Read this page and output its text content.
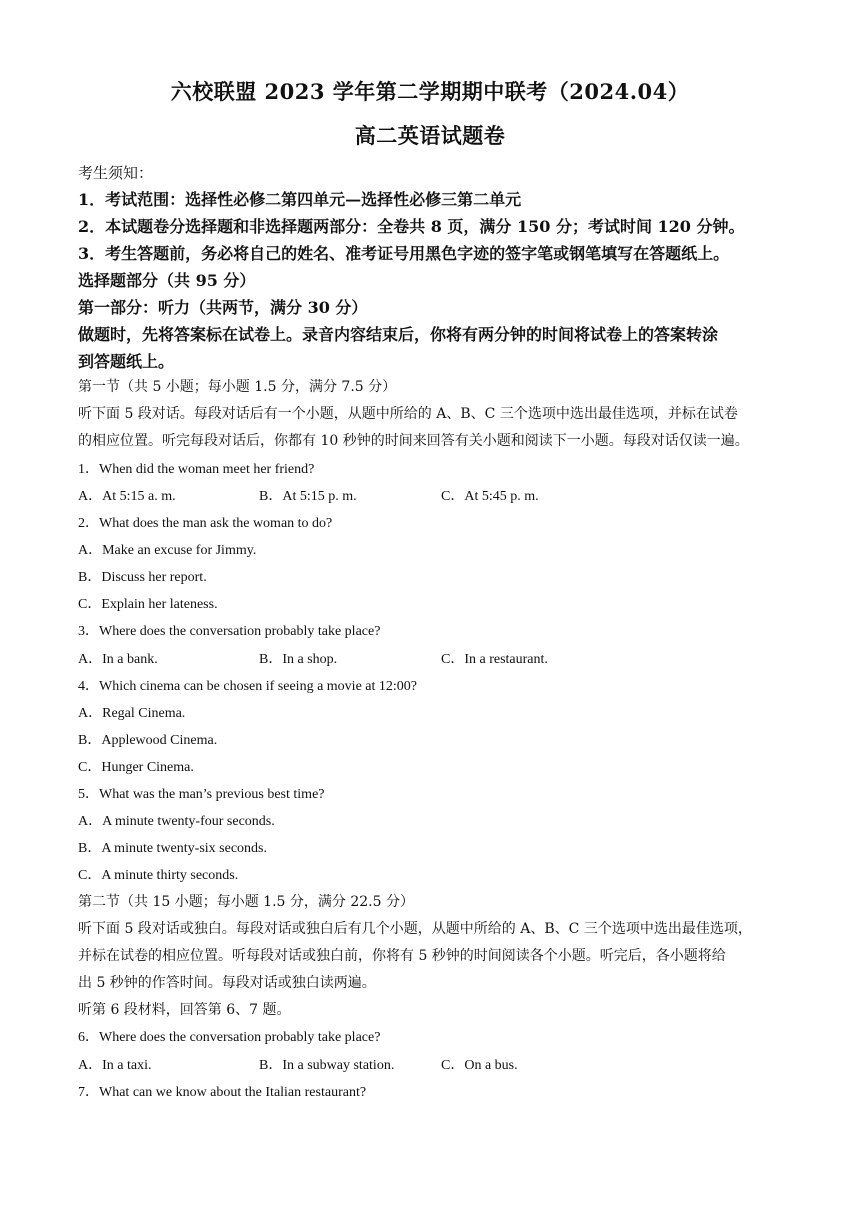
六校联盟 2023 学年第二学期期中联考（2024.04）
高二英语试题卷
考生须知：
1．考试范围：选择性必修二第四单元—选择性必修三第二单元
2．本试题卷分选择题和非选择题两部分：全卷共 8 页，满分 150 分；考试时间 120 分钟。
3．考生答题前，务必将自己的姓名、准考证号用黑色字迹的签字笔或钢笔填写在答题纸上。
选择题部分（共 95 分）
第一部分：听力（共两节，满分 30 分）
做题时，先将答案标在试卷上。录音内容结束后，你将有两分钟的时间将试卷上的答案转涂
到答题纸上。
第一节（共 5 小题；每小题 1.5 分，满分 7.5 分）
听下面 5 段对话。每段对话后有一个小题，从题中所给的 A、B、C 三个选项中选出最佳选项，并标在试卷
的相应位置。听完每段对话后，你都有 10 秒钟的时间来回答有关小题和阅读下一小题。每段对话仅读一遍。
1．When did the woman meet her friend?
A．At 5:15 a. m.	B．At 5:15 p. m.	C．At 5:45 p. m.
2．What does the man ask the woman to do?
A．Make an excuse for Jimmy.
B．Discuss her report.
C．Explain her lateness.
3．Where does the conversation probably take place?
A．In a bank.	B．In a shop.	C．In a restaurant.
4．Which cinema can be chosen if seeing a movie at 12:00?
A．Regal Cinema.
B．Applewood Cinema.
C．Hunger Cinema.
5．What was the man’s previous best time?
A．A minute twenty-four seconds.
B．A minute twenty-six seconds.
C．A minute thirty seconds.
第二节（共 15 小题；每小题 1.5 分，满分 22.5 分）
听下面 5 段对话或独白。每段对话或独白后有几个小题，从题中所给的 A、B、C 三个选项中选出最佳选项，
并标在试卷的相应位置。听每段对话或独白前，你将有 5 秒钟的时间阅读各个小题。听完后，各小题将给
出 5 秒钟的作答时间。每段对话或独白读两遍。
听第 6 段材料，回答第 6、7 题。
6．Where does the conversation probably take place?
A．In a taxi.	B．In a subway station.	C．On a bus.
7．What can we know about the Italian restaurant?
